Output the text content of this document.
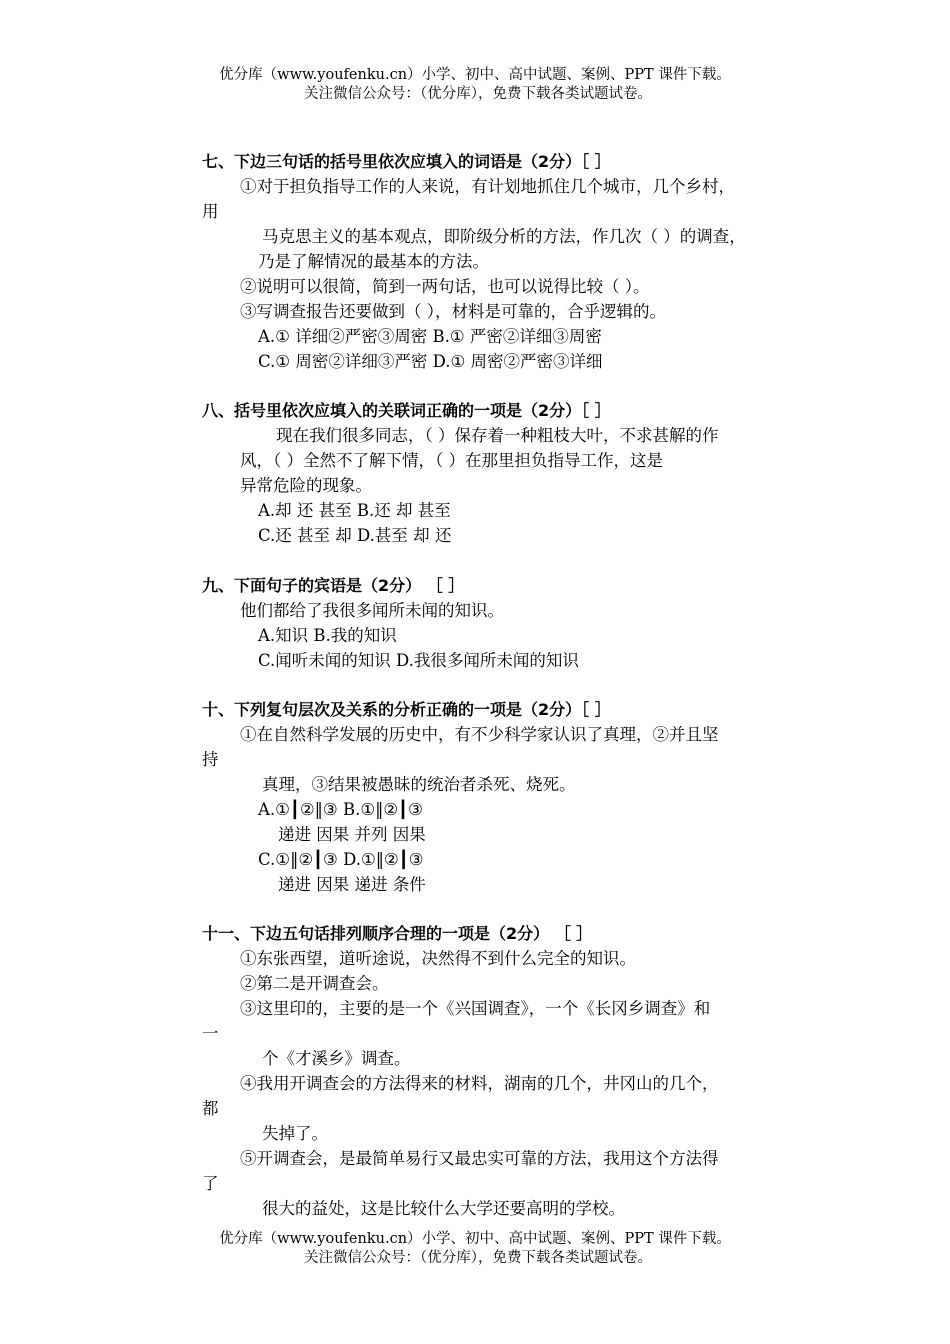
优分库（www.youfenku.cn）小学、初中、高中试题、案例、PPT 课件下载。
关注微信公众号：（优分库），免费下载各类试题试卷。
七、下边三句话的括号里依次应填入的词语是（2分）［ ］
①对于担负指导工作的人来说，有计划地抓住几个城市，几个乡村，
用
马克思主义的基本观点，即阶级分析的方法，作几次（ ）的调查，
乃是了解情况的最基本的方法。
②说明可以很简，简到一两句话，也可以说得比较（ ）。
③写调查报告还要做到（ ），材料是可靠的，合乎逻辑的。
A.① 详细②严密③周密 B.① 严密②详细③周密
C.① 周密②详细③严密 D.① 周密②严密③详细
八、括号里依次应填入的关联词正确的一项是（2分）［ ］
现在我们很多同志，（ ）保存着一种粗枝大叶，不求甚解的作
风，（ ）全然不了解下情，（ ）在那里担负指导工作，这是
异常危险的现象。
A.却 还 甚至 B.还 却 甚至
C.还 甚至 却 D.甚至 却 还
九、下面句子的宾语是（2分） ［ ］
他们都给了我很多闻所未闻的知识。
A.知识 B.我的知识
C.闻听未闻的知识 D.我很多闻所未闻的知识
十、下列复句层次及关系的分析正确的一项是（2分）［ ］
①在自然科学发展的历史中，有不少科学家认识了真理，②并且坚
持
真理，③结果被愚昧的统治者杀死、烧死。
A.①┃②‖③ B.①‖②┃③
递进 因果 并列 因果
C.①‖②┃③ D.①‖②┃③
递进 因果 递进 条件
十一、下边五句话排列顺序合理的一项是（2分） ［ ］
①东张西望，道听途说，决然得不到什么完全的知识。
②第二是开调查会。
③这里印的，主要的是一个《兴国调查》，一个《长冈乡调查》和
一
个《才溪乡》调查。
④我用开调查会的方法得来的材料，湖南的几个，井冈山的几个，
都
失掉了。
⑤开调查会，是最简单易行又最忠实可靠的方法，我用这个方法得
了
很大的益处，这是比较什么大学还要高明的学校。
优分库（www.youfenku.cn）小学、初中、高中试题、案例、PPT 课件下载。
关注微信公众号：（优分库），免费下载各类试题试卷。
